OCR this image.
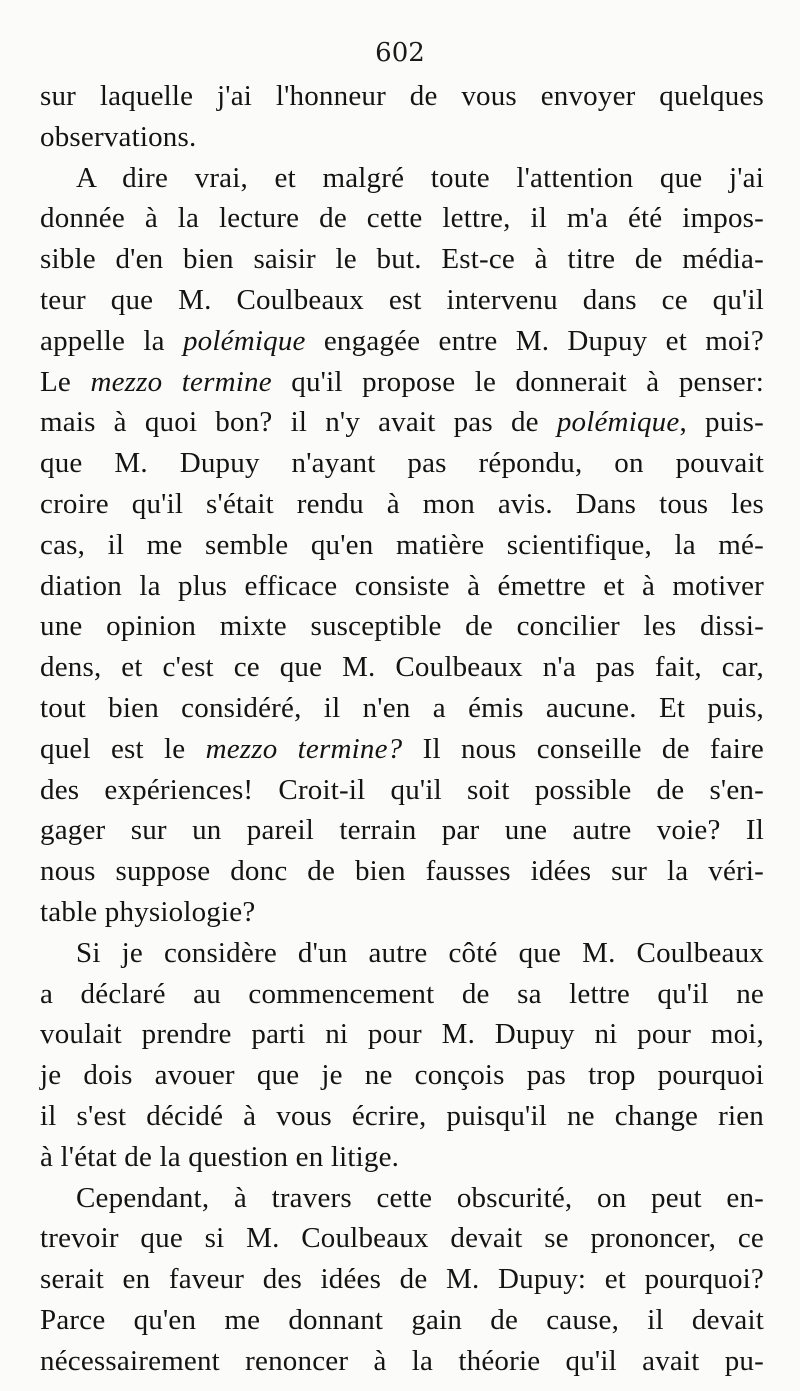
602
sur laquelle j'ai l'honneur de vous envoyer quelques
observations.
A dire vrai, et malgré toute l'attention que j'ai
donnée à la lecture de cette lettre, il m'a été impos-
sible d'en bien saisir le but. Est-ce à titre de média-
teur que M. Coulbeaux est intervenu dans ce qu'il
appelle la polémique engagée entre M. Dupuy et moi?
Le mezzo termine qu'il propose le donnerait à penser:
mais à quoi bon? il n'y avait pas de polémique, puis-
que M. Dupuy n'ayant pas répondu, on pouvait
croire qu'il s'était rendu à mon avis. Dans tous les
cas, il me semble qu'en matière scientifique, la mé-
diation la plus efficace consiste à émettre et à motiver
une opinion mixte susceptible de concilier les dissi-
dens, et c'est ce que M. Coulbeaux n'a pas fait, car,
tout bien considéré, il n'en a émis aucune. Et puis,
quel est le mezzo termine? Il nous conseille de faire
des expériences! Croit-il qu'il soit possible de s'en-
gager sur un pareil terrain par une autre voie? Il
nous suppose donc de bien fausses idées sur la véri-
table physiologie?
Si je considère d'un autre côté que M. Coulbeaux
a déclaré au commencement de sa lettre qu'il ne
voulait prendre parti ni pour M. Dupuy ni pour moi,
je dois avouer que je ne conçois pas trop pourquoi
il s'est décidé à vous écrire, puisqu'il ne change rien
à l'état de la question en litige.
Cependant, à travers cette obscurité, on peut en-
trevoir que si M. Coulbeaux devait se prononcer, ce
serait en faveur des idées de M. Dupuy: et pourquoi?
Parce qu'en me donnant gain de cause, il devait
nécessairement renoncer à la théorie qu'il avait pu-
